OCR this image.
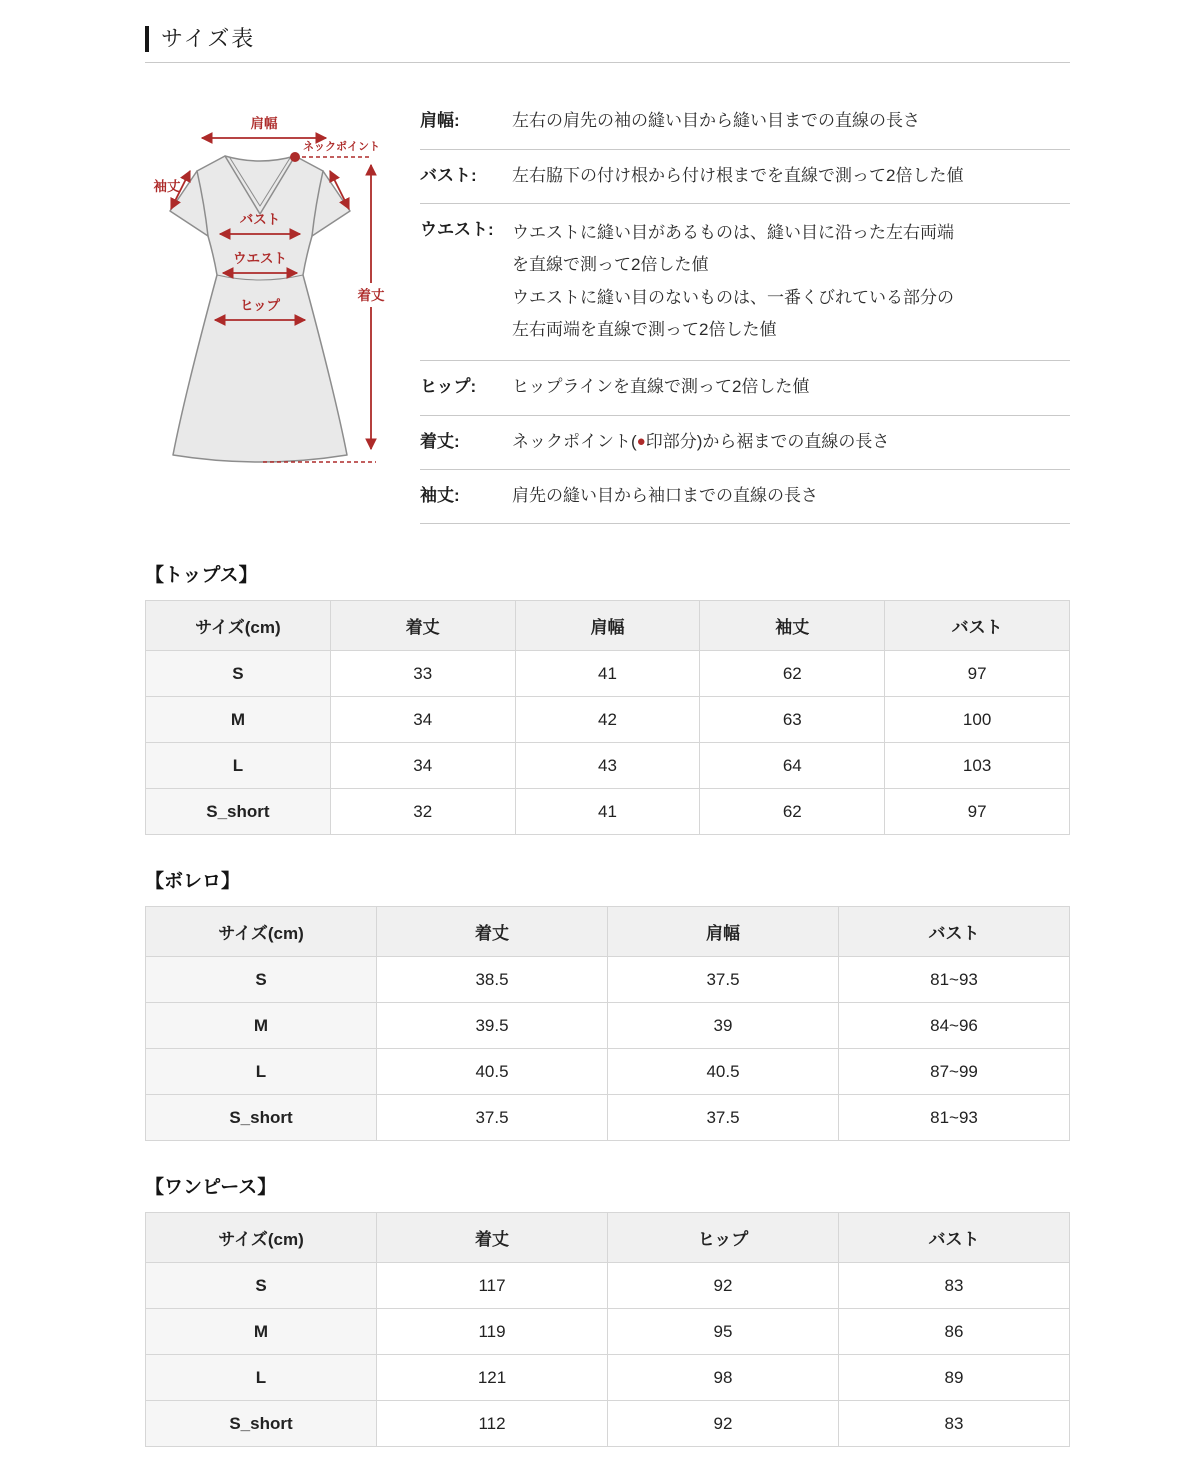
サイズ表
肩幅
ネックポイント
袖丈
バスト
ウエスト
ヒップ
着丈
肩幅:	左右の肩先の袖の縫い目から縫い目までの直線の長さ
バスト:	左右脇下の付け根から付け根までを直線で測って2倍した値
ウエスト:	ウエストに縫い目があるものは、縫い目に沿った左右両端
を直線で測って2倍した値
ウエストに縫い目のないものは、一番くびれている部分の
左右両端を直線で測って2倍した値
ヒップ:	ヒップラインを直線で測って2倍した値
着丈:	ネックポイント(●印部分)から裾までの直線の長さ
袖丈:	肩先の縫い目から袖口までの直線の長さ
【トップス】
サイズ(cm)	着丈	肩幅	袖丈	バスト
S	33	41	62	97
M	34	42	63	100
L	34	43	64	103
S_short	32	41	62	97
【ボレロ】
サイズ(cm)	着丈	肩幅	バスト
S	38.5	37.5	81~93
M	39.5	39	84~96
L	40.5	40.5	87~99
S_short	37.5	37.5	81~93
【ワンピース】
サイズ(cm)	着丈	ヒップ	バスト
S	117	92	83
M	119	95	86
L	121	98	89
S_short	112	92	83
